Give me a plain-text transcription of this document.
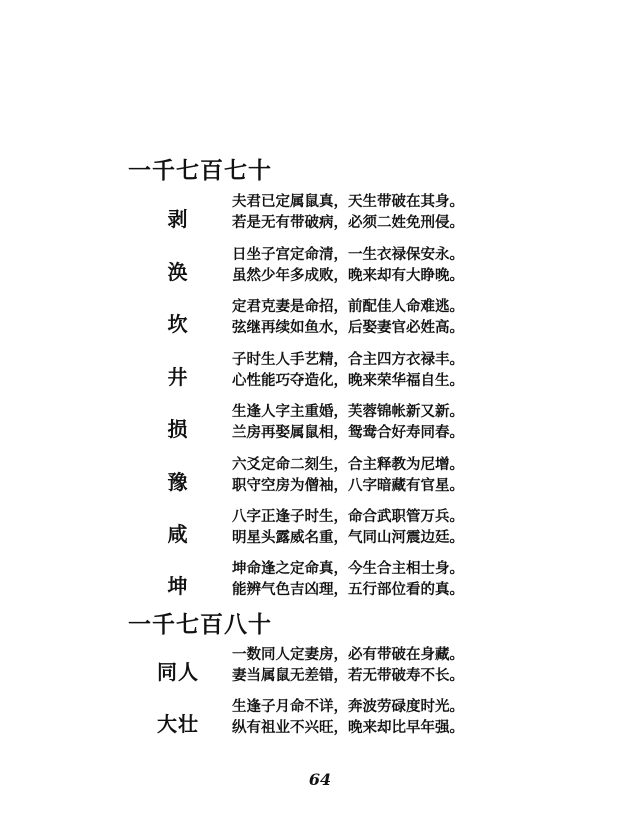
一千七百七十
剥
夫君已定属鼠真，天生带破在其身。
若是无有带破病，必须二姓免刑侵。
涣
日坐子宫定命清，一生衣禄保安永。
虽然少年多成败，晚来却有大睁晚。
坎
定君克妻是命招，前配佳人命难逃。
弦继再续如鱼水，后娶妻官必姓高。
井
子时生人手艺精，合主四方衣禄丰。
心性能巧夺造化，晚来荣华福自生。
损
生逢人字主重婚，芙蓉锦帐新又新。
兰房再娶属鼠相，鸳鸯合好寿同春。
豫
六爻定命二刻生，合主释教为尼增。
职守空房为僧袖，八字暗藏有官星。
咸
八字正逢子时生，命合武职管万兵。
明星头露威名重，气同山河震边廷。
坤
坤命逢之定命真，今生合主相士身。
能辨气色吉凶理，五行部位看的真。
一千七百八十
同人
一数同人定妻房，必有带破在身藏。
妻当属鼠无差错，若无带破寿不长。
大壮
生逢子月命不详，奔波劳碌度时光。
纵有祖业不兴旺，晚来却比早年强。
64
